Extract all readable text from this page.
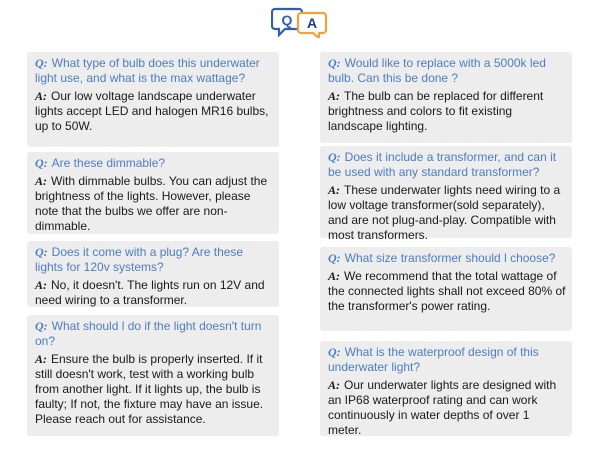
Q A

Q: What type of bulb does this underwater light use, and what is the max wattage?

A: Our low voltage landscape underwater lights accept LED and halogen MR16 bulbs, up to 50W.

Q: Are these dimmable?

A: With dimmable bulbs. You can adjust the brightness of the lights. However, please note that the bulbs we offer are non-dimmable.

Q: Does it come with a plug? Are these lights for 120v systems?

A: No, it doesn't. The lights run on 12V and need wiring to a transformer.

Q: What should l do if the light doesn't turn on?

A: Ensure the bulb is properly inserted. If it still doesn't work, test with a working bulb from another light. If it lights up, the bulb is faulty; If not, the fixture may have an issue. Please reach out for assistance.

Q: Would like to replace with a 5000k led bulb. Can this be done ?

A: The bulb can be replaced for different brightness and colors to fit existing landscape lighting.

Q: Does it include a transformer, and can it be used with any standard transformer?

A: These underwater lights need wiring to a low voltage transformer(sold separately), and are not plug-and-play. Compatible with most transformers.

Q: What size transformer should l choose?

A: We recommend that the total wattage of the connected lights shall not exceed 80% of the transformer's power rating.

Q: What is the waterproof design of this underwater light?

A: Our underwater lights are designed with an IP68 waterproof rating and can work continuously in water depths of over 1 meter.
